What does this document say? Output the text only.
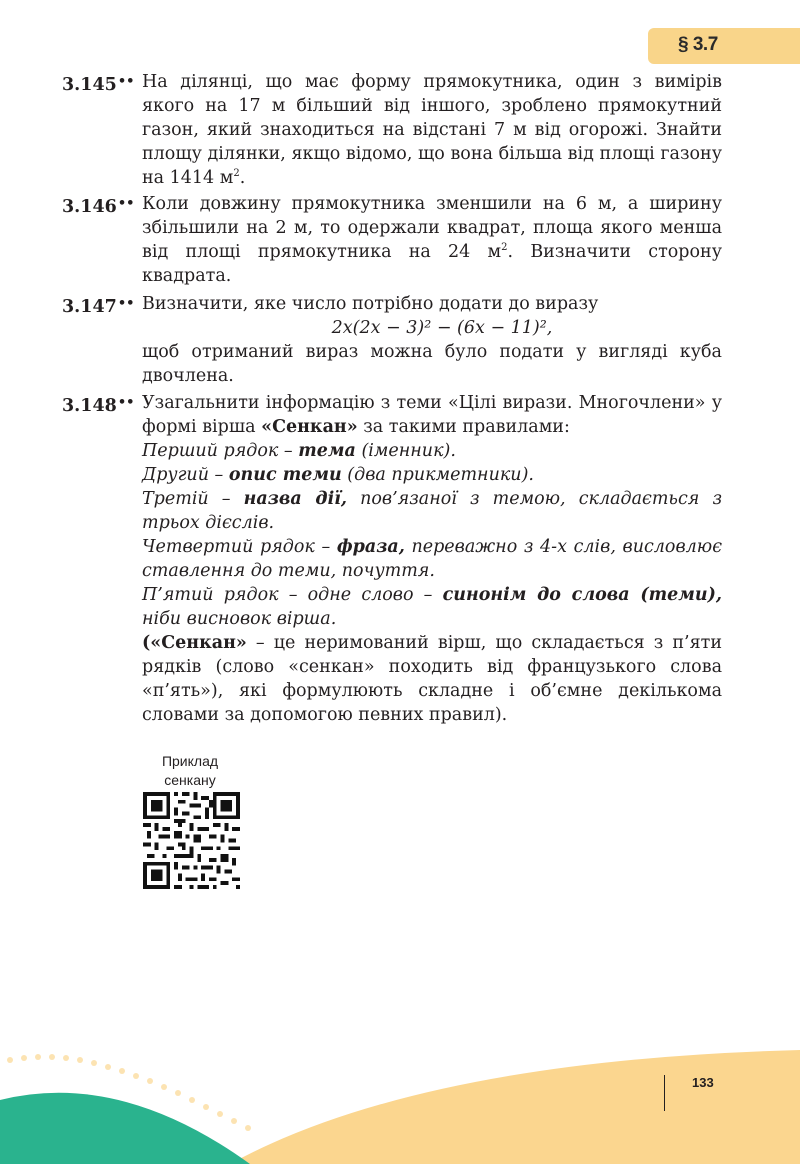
§ 3.7
3.145•• На ділянці, що має форму прямокутника, один з вимірів якого на 17 м більший від іншого, зроблено прямокутний газон, який знаходиться на відстані 7 м від огорожі. Знайти площу ділянки, якщо відомо, що вона більша від площі газону на 1414 $м^2$.

3.146•• Коли довжину прямокутника зменшили на 6 м, а ширину збільшили на 2 м, то одержали квадрат, площа якого менша від площі прямокутника на 24 $м^2$. Визначити сторону квадрата.

3.147•• Визначити, яке число потрібно додати до виразу

2x(2x − 3)² − (6x − 11)²,

щоб отриманий вираз можна було подати у вигляді куба двочлена.

3.148•• Узагальнити інформацію з теми «Цілі вирази. Многочлени» у формі вірша «Сенкан» за такими правилами:

Перший рядок – тема (іменник).

Другий – опис теми (два прикметники).

Третій – назва дії, пов’язаної з темою, складається з трьох дієслів.

Четвертий рядок – фраза, переважно з 4-х слів, висловлює ставлення до теми, почуття.

П’ятий рядок – одне слово – синонім до слова (теми), ніби висновок вірша.

(«Сенкан» – це неримований вірш, що складається з п’яти рядків (слово «сенкан» походить від французького слова «п’ять»), які формулюють складне і об’ємне декількома словами за допомогою певних правил).

Приклад сенкану
133
